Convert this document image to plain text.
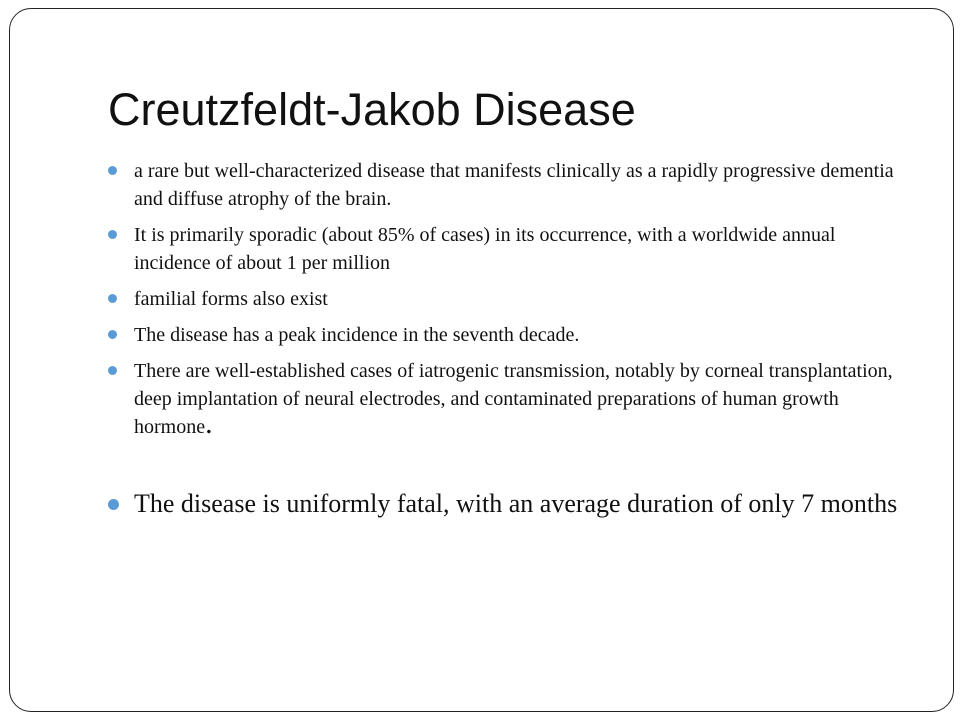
Creutzfeldt-Jakob Disease
a rare but well-characterized disease that manifests clinically as a rapidly progressive dementia and diffuse atrophy of the brain.
It is primarily sporadic (about 85% of cases) in its occurrence, with a worldwide annual incidence of about 1 per million
familial forms also exist
The disease has a peak incidence in the seventh decade.
There are well-established cases of iatrogenic transmission, notably by corneal transplantation, deep implantation of neural electrodes, and contaminated preparations of human growth hormone.
The disease is uniformly fatal, with an average duration of only 7 months
